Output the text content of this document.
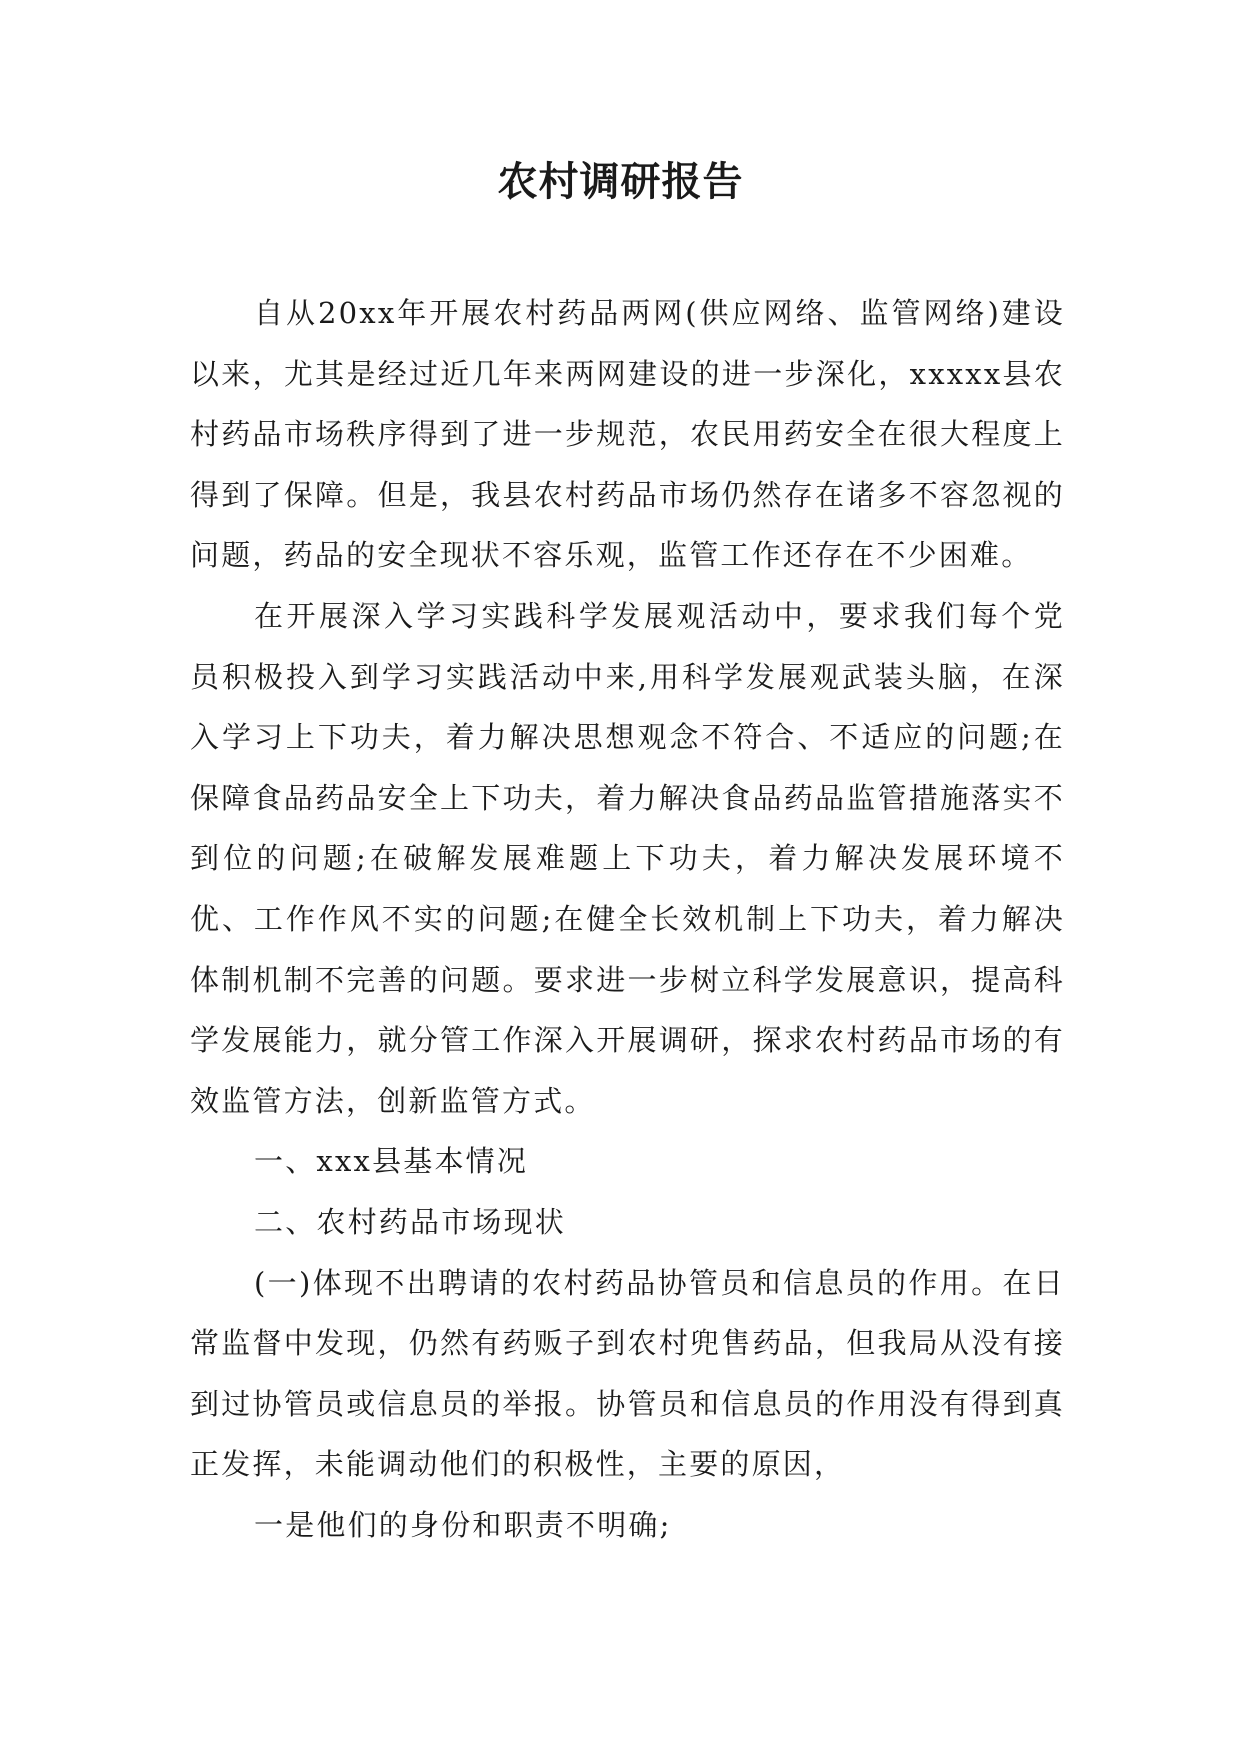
农村调研报告

自从20xx年开展农村药品两网(供应网络、监管网络)建设以来，尤其是经过近几年来两网建设的进一步深化，xxxxx县农村药品市场秩序得到了进一步规范，农民用药安全在很大程度上得到了保障。但是，我县农村药品市场仍然存在诸多不容忽视的问题，药品的安全现状不容乐观，监管工作还存在不少困难。

在开展深入学习实践科学发展观活动中，要求我们每个党员积极投入到学习实践活动中来,用科学发展观武装头脑，在深入学习上下功夫，着力解决思想观念不符合、不适应的问题;在保障食品药品安全上下功夫，着力解决食品药品监管措施落实不到位的问题;在破解发展难题上下功夫，着力解决发展环境不优、工作作风不实的问题;在健全长效机制上下功夫，着力解决体制机制不完善的问题。要求进一步树立科学发展意识，提高科学发展能力，就分管工作深入开展调研，探求农村药品市场的有效监管方法，创新监管方式。

一、xxx县基本情况

二、农村药品市场现状

(一)体现不出聘请的农村药品协管员和信息员的作用。在日常监督中发现，仍然有药贩子到农村兜售药品，但我局从没有接到过协管员或信息员的举报。协管员和信息员的作用没有得到真正发挥，未能调动他们的积极性，主要的原因，

一是他们的身份和职责不明确;
